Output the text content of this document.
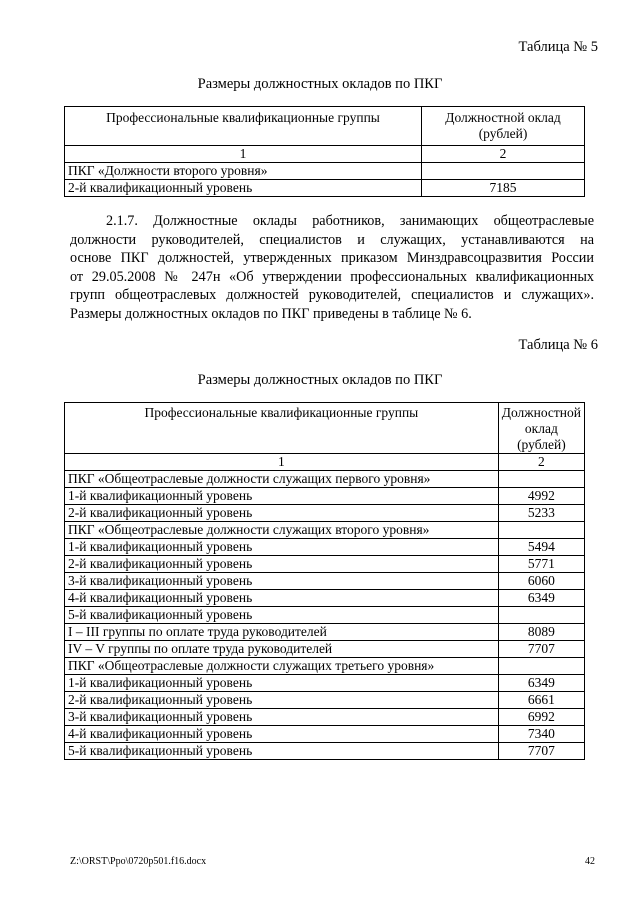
Таблица № 5
Размеры должностных окладов по ПКГ
Профессиональные квалификационные группы	Должностной оклад (рублей)
1	2
ПКГ «Должности второго уровня»	
2-й квалификационный уровень	7185
2.1.7. Должностные оклады работников, занимающих общеотраслевые
должности руководителей, специалистов и служащих, устанавливаются на
основе ПКГ должностей, утвержденных приказом Минздравсоцразвития России
от 29.05.2008 № 247н «Об утверждении профессиональных квалификационных
групп общеотраслевых должностей руководителей, специалистов и служащих».
Размеры должностных окладов по ПКГ приведены в таблице № 6.
Таблица № 6
Размеры должностных окладов по ПКГ
Профессиональные квалификационные группы	Должностной оклад (рублей)
1	2
ПКГ «Общеотраслевые должности служащих первого уровня»	
1-й квалификационный уровень	4992
2-й квалификационный уровень	5233
ПКГ «Общеотраслевые должности служащих второго уровня»	
1-й квалификационный уровень	5494
2-й квалификационный уровень	5771
3-й квалификационный уровень	6060
4-й квалификационный уровень	6349
5-й квалификационный уровень	
I – III группы по оплате труда руководителей	8089
IV – V группы по оплате труда руководителей	7707
ПКГ «Общеотраслевые должности служащих третьего уровня»	
1-й квалификационный уровень	6349
2-й квалификационный уровень	6661
3-й квалификационный уровень	6992
4-й квалификационный уровень	7340
5-й квалификационный уровень	7707
Z:\ORST\Ppo\0720p501.f16.docx	42
